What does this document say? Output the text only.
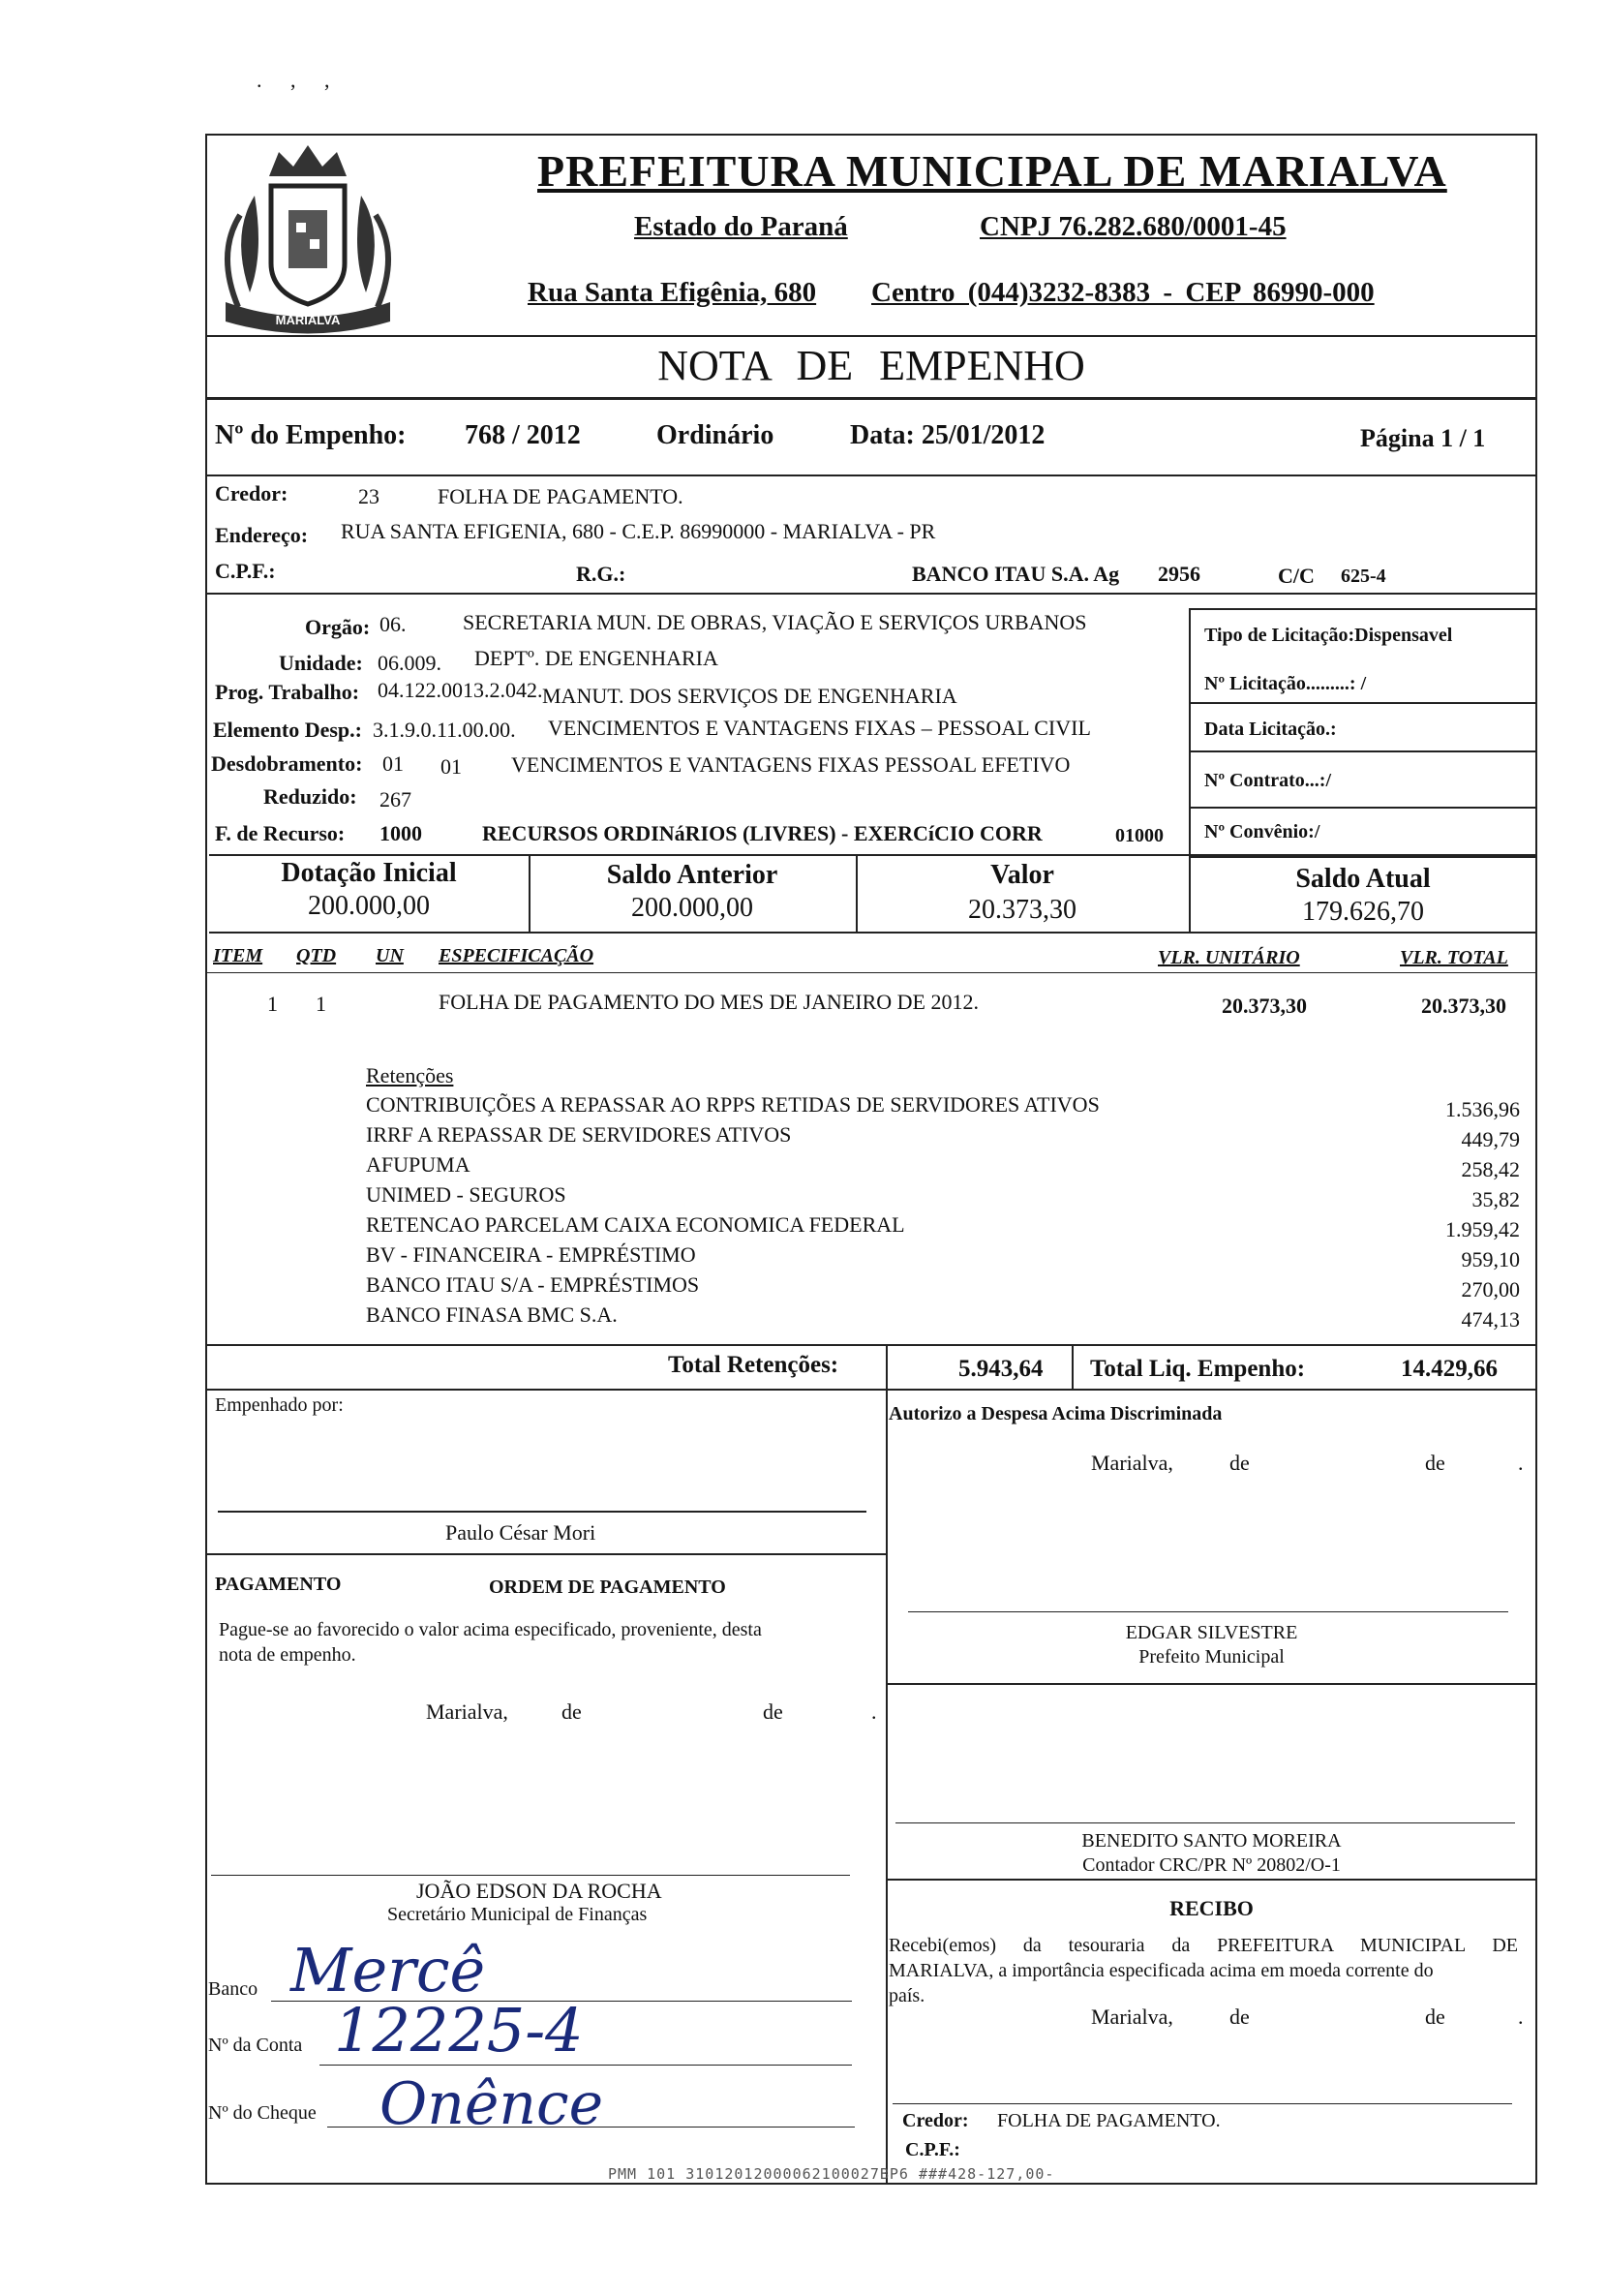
. , ,
MARIALVA
PREFEITURA MUNICIPAL DE MARIALVA
Estado do Paraná	CNPJ 76.282.680/0001-45
Rua Santa Efigênia, 680 Centro (044)3232-8383 - CEP 86990-000
NOTA DE EMPENHO
Nº do Empenho: 768 / 2012	Ordinário	Data: 25/01/2012	Página 1 / 1
Credor:	23	FOLHA DE PAGAMENTO.
Endereço: RUA SANTA EFIGENIA, 680 - C.E.P. 86990000 - MARIALVA - PR
C.P.F.:	R.G.:	BANCO ITAU S.A. Ag 2956	C/C 625-4
Orgão: 06.	SECRETARIA MUN. DE OBRAS, VIAÇÃO E SERVIÇOS URBANOS
Unidade: 06.009. DEPTº. DE ENGENHARIA
Prog. Trabalho: 04.122.0013.2.042. MANUT. DOS SERVIÇOS DE ENGENHARIA
Elemento Desp.: 3.1.9.0.11.00.00. VENCIMENTOS E VANTAGENS FIXAS – PESSOAL CIVIL
Desdobramento: 01 01 VENCIMENTOS E VANTAGENS FIXAS PESSOAL EFETIVO
Reduzido: 267
F. de Recurso: 1000	RECURSOS ORDINáRIOS (LIVRES) - EXERCíCIO CORR	01000
Tipo de Licitação:Dispensavel
Nº Licitação.........: /
Data Licitação.:
Nº Contrato...:/
Nº Convênio:/
Dotação Inicial
200.000,00
Saldo Anterior
200.000,00
Valor
20.373,30
Saldo Atual
179.626,70
ITEM QTD UN ESPECIFICAÇÃO	VLR. UNITÁRIO	VLR. TOTAL
1 1	FOLHA DE PAGAMENTO DO MES DE JANEIRO DE 2012.	20.373,30	20.373,30
Retenções
CONTRIBUIÇÕES A REPASSAR AO RPPS RETIDAS DE SERVIDORES ATIVOS	1.536,96
IRRF A REPASSAR DE SERVIDORES ATIVOS	449,79
AFUPUMA	258,42
UNIMED - SEGUROS	35,82
RETENCAO PARCELAM CAIXA ECONOMICA FEDERAL	1.959,42
BV - FINANCEIRA - EMPRÉSTIMO	959,10
BANCO ITAU S/A - EMPRÉSTIMOS	270,00
BANCO FINASA BMC S.A.	474,13
Total Retenções:	5.943,64 Total Liq. Empenho:	14.429,66
Empenhado por:
Paulo César Mori
PAGAMENTO	ORDEM DE PAGAMENTO
Pague-se ao favorecido o valor acima especificado, proveniente, desta
nota de empenho.
Marialva,	de	de	.
JOÃO EDSON DA ROCHA
Secretário Municipal de Finanças
Banco Mercê
Nº da Conta 12225-4
Nº do Cheque Onênce
Autorizo a Despesa Acima Discriminada
Marialva,	de	de	.
EDGAR SILVESTRE
Prefeito Municipal
BENEDITO SANTO MOREIRA
Contador CRC/PR Nº 20802/O-1
RECIBO
Recebi(emos) da tesouraria da PREFEITURA MUNICIPAL DE
MARIALVA, a importância especificada acima em moeda corrente do
país.
Marialva,	de	de	.
Credor: FOLHA DE PAGAMENTO.
C.P.F.:
PMM 101 31012012000062100027BP6 ###428-127,00-
